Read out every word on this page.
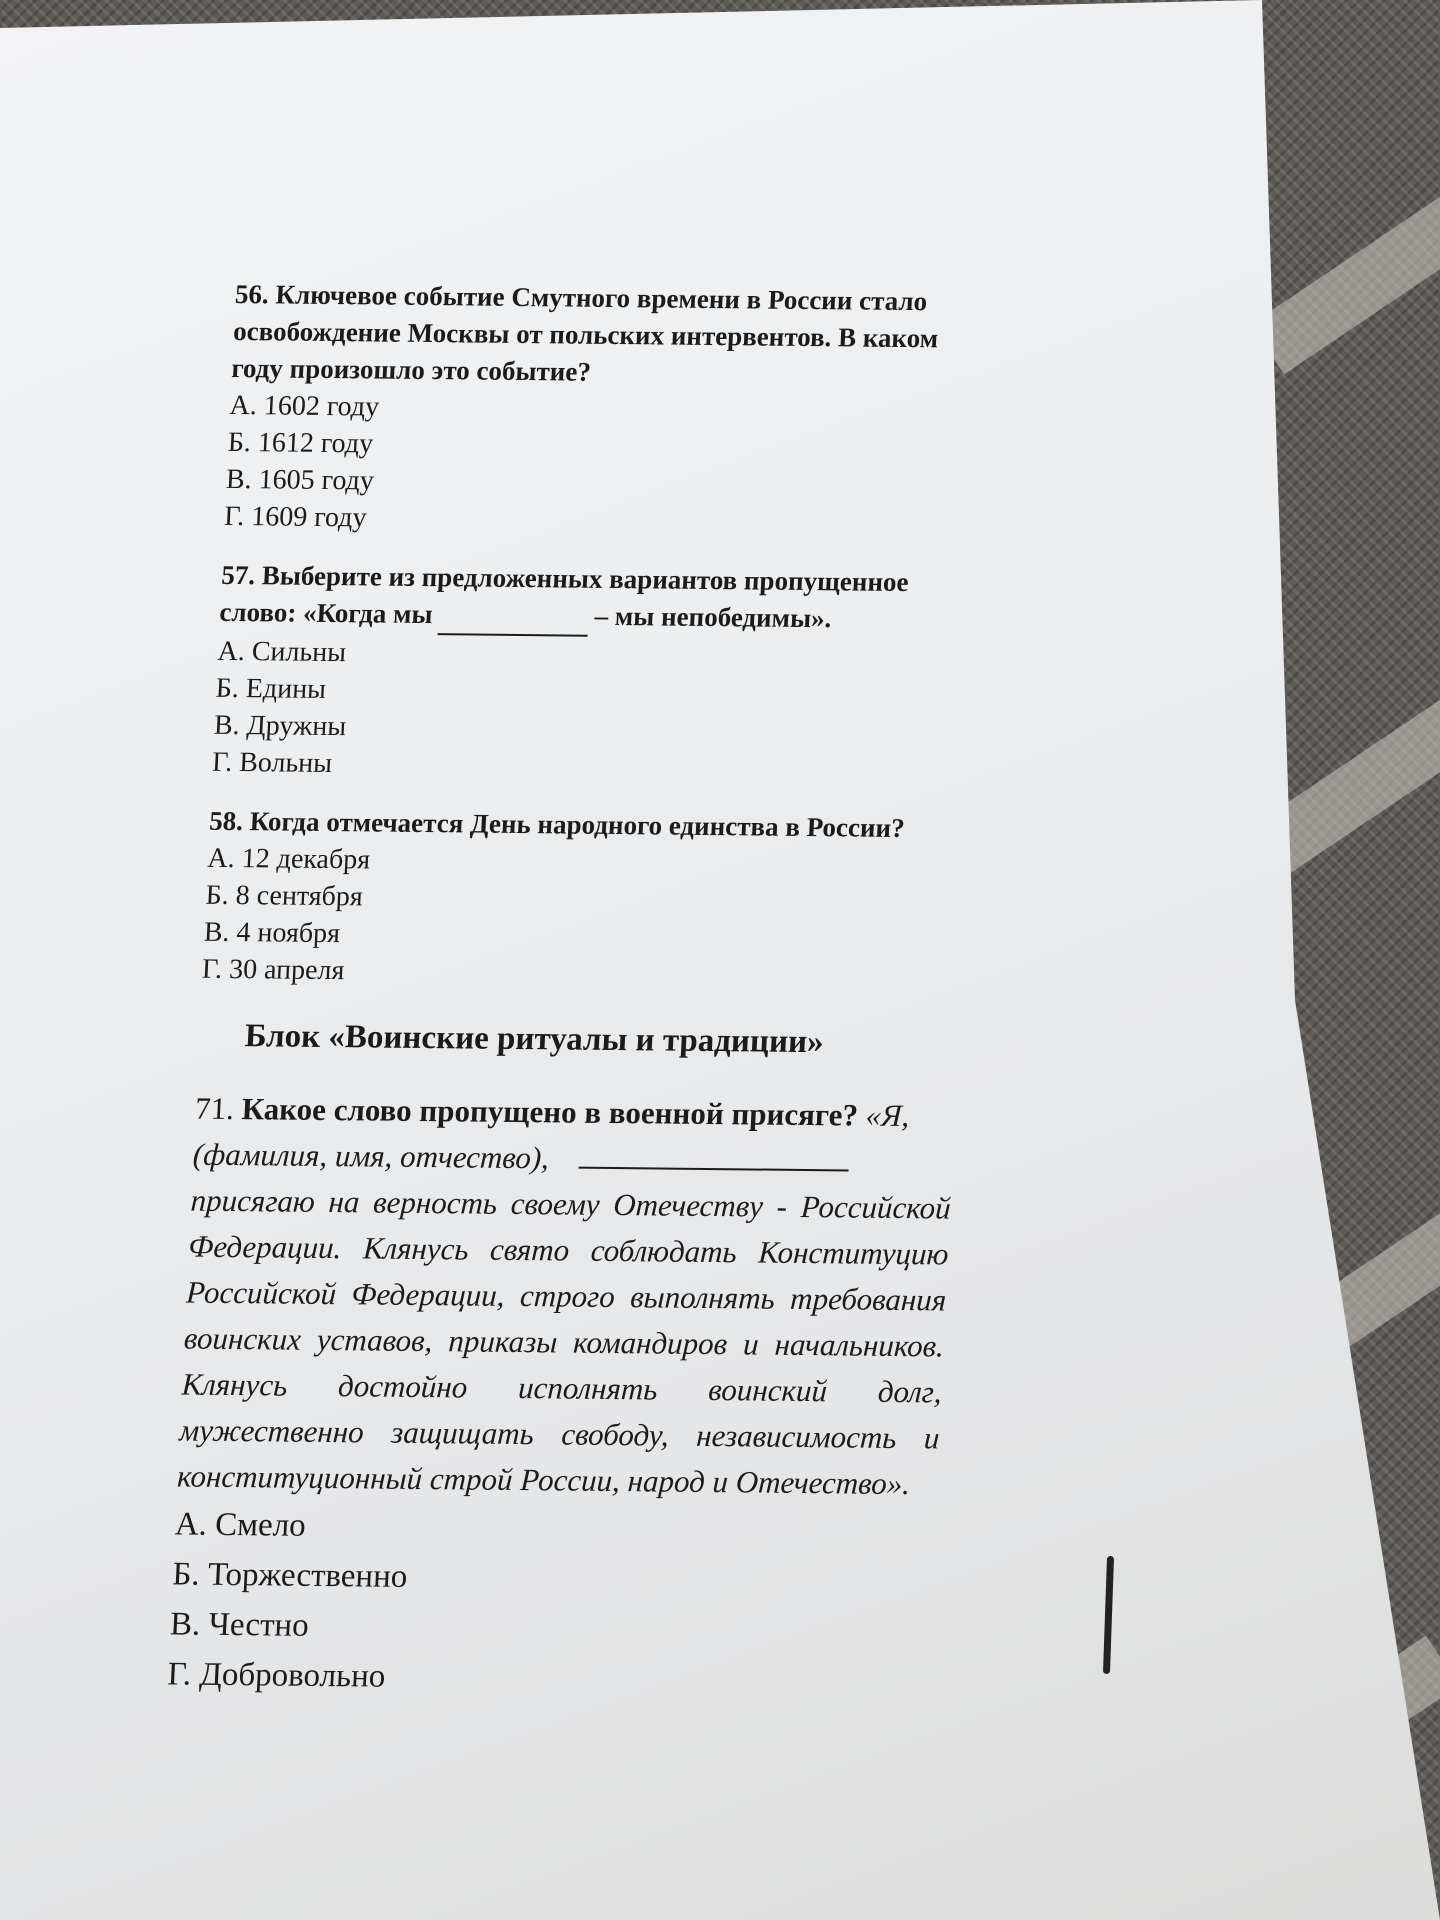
56. Ключевое событие Смутного времени в России стало освобождение Москвы от польских интервентов. В каком году произошло это событие?

А. 1602 году

Б. 1612 году

В. 1605 году

Г. 1609 году

57. Выберите из предложенных вариантов пропущенное слово: «Когда мы	– мы непобедимы».

А. Сильны

Б. Едины

В. Дружны

Г. Вольны

58. Когда отмечается День народного единства в России?

А. 12 декабря

Б. 8 сентября

В. 4 ноября

Г. 30 апреля

Блок «Воинские ритуалы и традиции»

71. Какое слово пропущено в военной присяге? «Я, (фамилия, имя, отчество),

присягаю на верность своему Отечеству - Российской Федерации. Клянусь свято соблюдать Конституцию Российской Федерации, строго выполнять требования воинских уставов, приказы командиров и начальников. Клянусь достойно исполнять воинский долг, мужественно защищать свободу, независимость и конституционный строй России, народ и Отечество».

А. Смело

Б. Торжественно

В. Честно

Г. Добровольно
